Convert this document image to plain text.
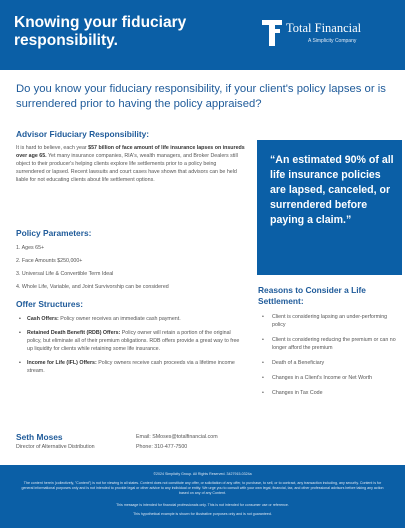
Knowing your fiduciary responsibility.
Total Financial
A Simplicity Company
Do you know your fiduciary responsibility, if your client's policy lapses or is surrendered prior to having the policy appraised?
Advisor Fiduciary Responsibility:

It is hard to believe, each year $57 billion of face amount of life insurance lapses on insureds over age 65. Yet many insurance companies, RIA's, wealth managers, and Broker Dealers still object to their producer's helping clients explore life settlements prior to a policy being surrendered or lapsed. Recent lawsuits and court cases have shown that advisors can be held liable for not educating clients about life settlement options.

Policy Parameters:
1. Ages 65+
2. Face Amounts $250,000+
3. Universal Life & Convertible Term Ideal
4. Whole Life, Variable, and Joint Survivorship can be considered
Offer Structures:
• Cash Offers: Policy owner receives an immediate cash payment.
• Retained Death Benefit (RDB) Offers: Policy owner will retain a portion of the original policy, but eliminate all of their premium obligations. RDB offers provide a great way to free up liquidity for clients while retaining some life insurance.
• Income for Life (IFL) Offers: Policy owners receive cash proceeds via a lifetime income stream.
“An estimated 90% of all life insurance policies are lapsed, canceled, or surrendered before paying a claim.”
Reasons to Consider a Life Settlement:
• Client is considering lapsing an under-performing policy
• Client is considering reducing the premium or can no longer afford the premium
• Death of a Beneficiary
• Changes in a Client's Income or Net Worth
• Changes in Tax Code
Seth Moses
Director of Alternative Distribution
Email: SMoses@totalfinancial.com
Phone: 310-477-7500
©2024 Simplicity Group. All Rights Reserved. 3427915-0324a
The content herein (collectively, "Content") is not for viewing in all states. Content does not constitute any offer, or solicitation of any offer, to purchase, to sell, or to contract, any transaction including, any security. Content is for general informational purposes only and is not intended to provide legal or other advice to any individual or entity. We urge you to consult with your own legal, financial, tax, and other professional advisors before taking any action based on any of any Content.
This message is intended for financial professionals only. This is not intended for consumer use or reference.
This hypothetical example is shown for illustrative purposes only and is not guaranteed.
